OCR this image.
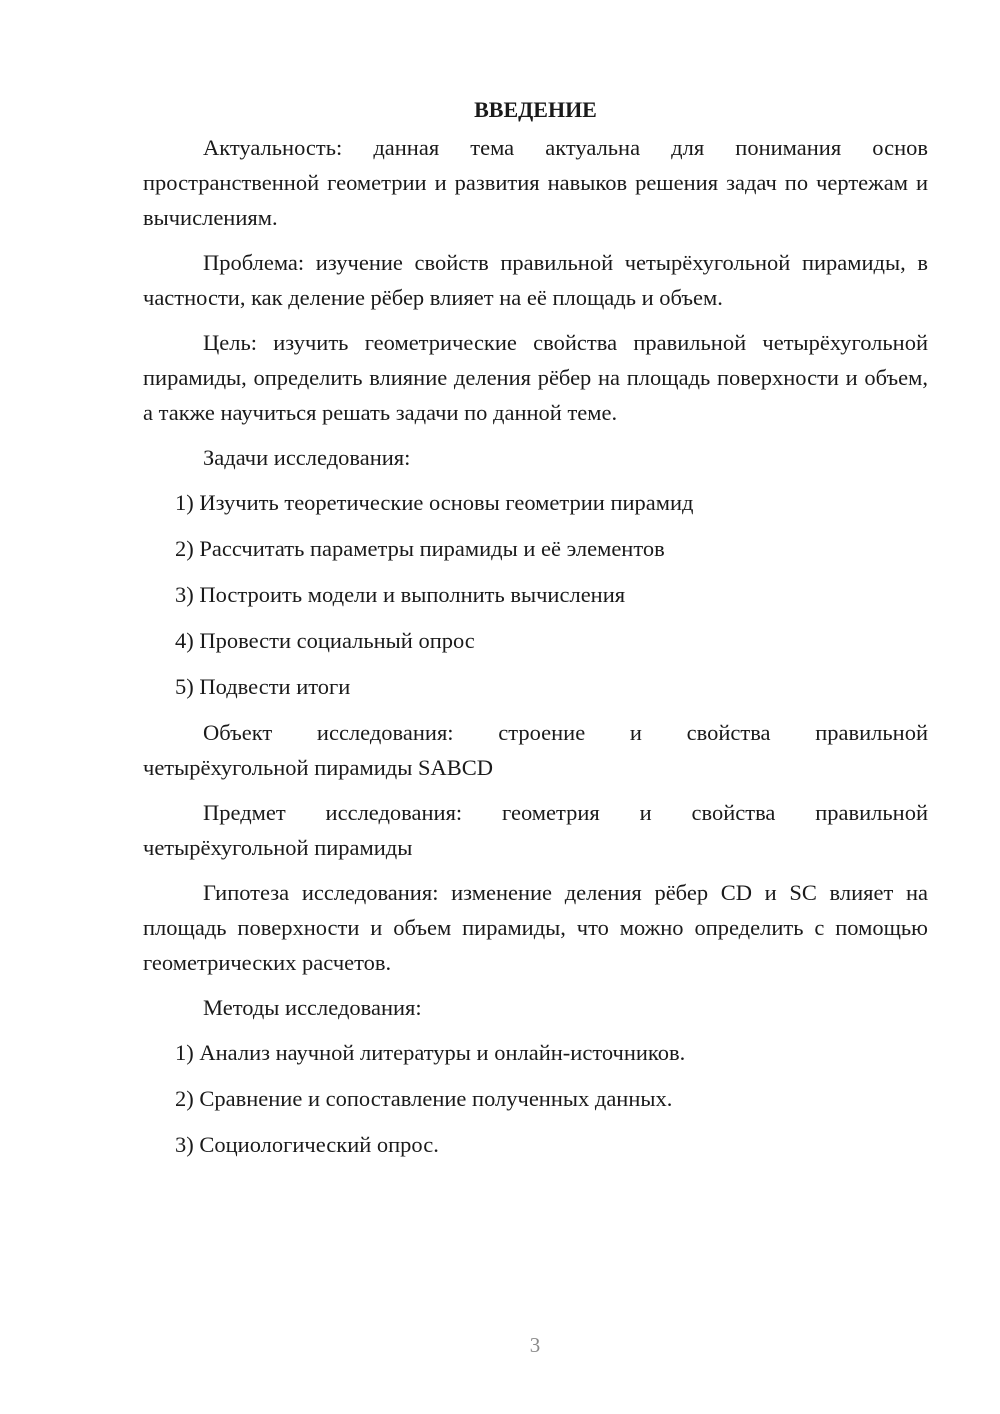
ВВЕДЕНИЕ

Актуальность: данная тема актуальна для понимания основ пространственной геометрии и развития навыков решения задач по чертежам и вычислениям.

Проблема: изучение свойств правильной четырёхугольной пирамиды, в частности, как деление рёбер влияет на её площадь и объем.

Цель: изучить геометрические свойства правильной четырёхугольной пирамиды, определить влияние деления рёбер на площадь поверхности и объем, а также научиться решать задачи по данной теме.

Задачи исследования:

1) Изучить теоретические основы геометрии пирамид
2) Рассчитать параметры пирамиды и её элементов
3) Построить модели и выполнить вычисления
4) Провести социальный опрос
5) Подвести итоги

Объект исследования: строение и свойства правильной

четырёхугольной пирамиды SABCD

Предмет исследования: геометрия и свойства правильной

четырёхугольной пирамиды

Гипотеза исследования: изменение деления рёбер CD и SC влияет на площадь поверхности и объем пирамиды, что можно определить с помощью геометрических расчетов.

Методы исследования:

1) Анализ научной литературы и онлайн-источников.
2) Сравнение и сопоставление полученных данных.
3) Социологический опрос.
3
